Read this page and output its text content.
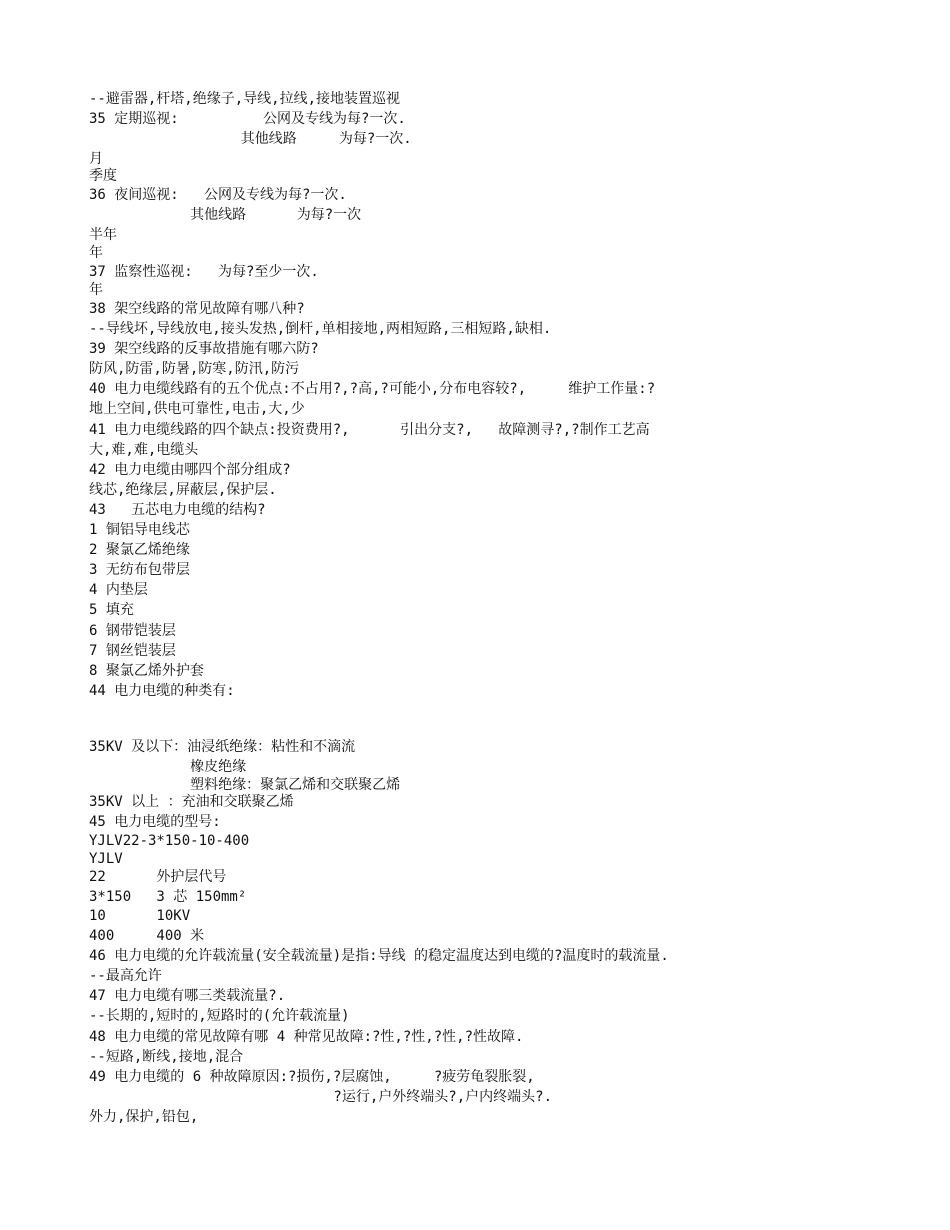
--避雷器,杆塔,绝缘子,导线,拉线,接地装置巡视
35 定期巡视:          公网及专线为每?一次.
其他线路     为每?一次.
月
季度
36 夜间巡视:   公网及专线为每?一次.
其他线路      为每?一次
半年
年
37 监察性巡视:   为每?至少一次.
年
38 架空线路的常见故障有哪八种?
--导线坏,导线放电,接头发热,倒杆,单相接地,两相短路,三相短路,缺相.
39 架空线路的反事故措施有哪六防?
防风,防雷,防暑,防寒,防汛,防污
40 电力电缆线路有的五个优点:不占用?,?高,?可能小,分布电容较?,     维护工作量:?
地上空间,供电可靠性,电击,大,少
41 电力电缆线路的四个缺点:投资费用?,      引出分支?,   故障测寻?,?制作工艺高
大,难,难,电缆头
42 电力电缆由哪四个部分组成?
线芯,绝缘层,屏蔽层,保护层.
43   五芯电力电缆的结构?
1 铜铝导电线芯
2 聚氯乙烯绝缘
3 无纺布包带层
4 内垫层
5 填充
6 钢带铠装层
7 钢丝铠装层
8 聚氯乙烯外护套
44 电力电缆的种类有:
35KV 及以下：油浸纸绝缘：粘性和不滴流
橡皮绝缘
塑料绝缘：聚氯乙烯和交联聚乙烯
35KV 以上 ：充油和交联聚乙烯
45 电力电缆的型号:
YJLV22-3*150-10-400
YJLV
22      外护层代号
3*150   3 芯 150mm²
10      10KV
400     400 米
46 电力电缆的允许载流量(安全载流量)是指:导线 的稳定温度达到电缆的?温度时的载流量.
--最高允许
47 电力电缆有哪三类载流量?.
--长期的,短时的,短路时的(允许载流量)
48 电力电缆的常见故障有哪 4 种常见故障:?性,?性,?性,?性故障.
--短路,断线,接地,混合
49 电力电缆的 6 种故障原因:?损伤,?层腐蚀,     ?疲劳龟裂胀裂,
?运行,户外终端头?,户内终端头?.
外力,保护,铅包,
